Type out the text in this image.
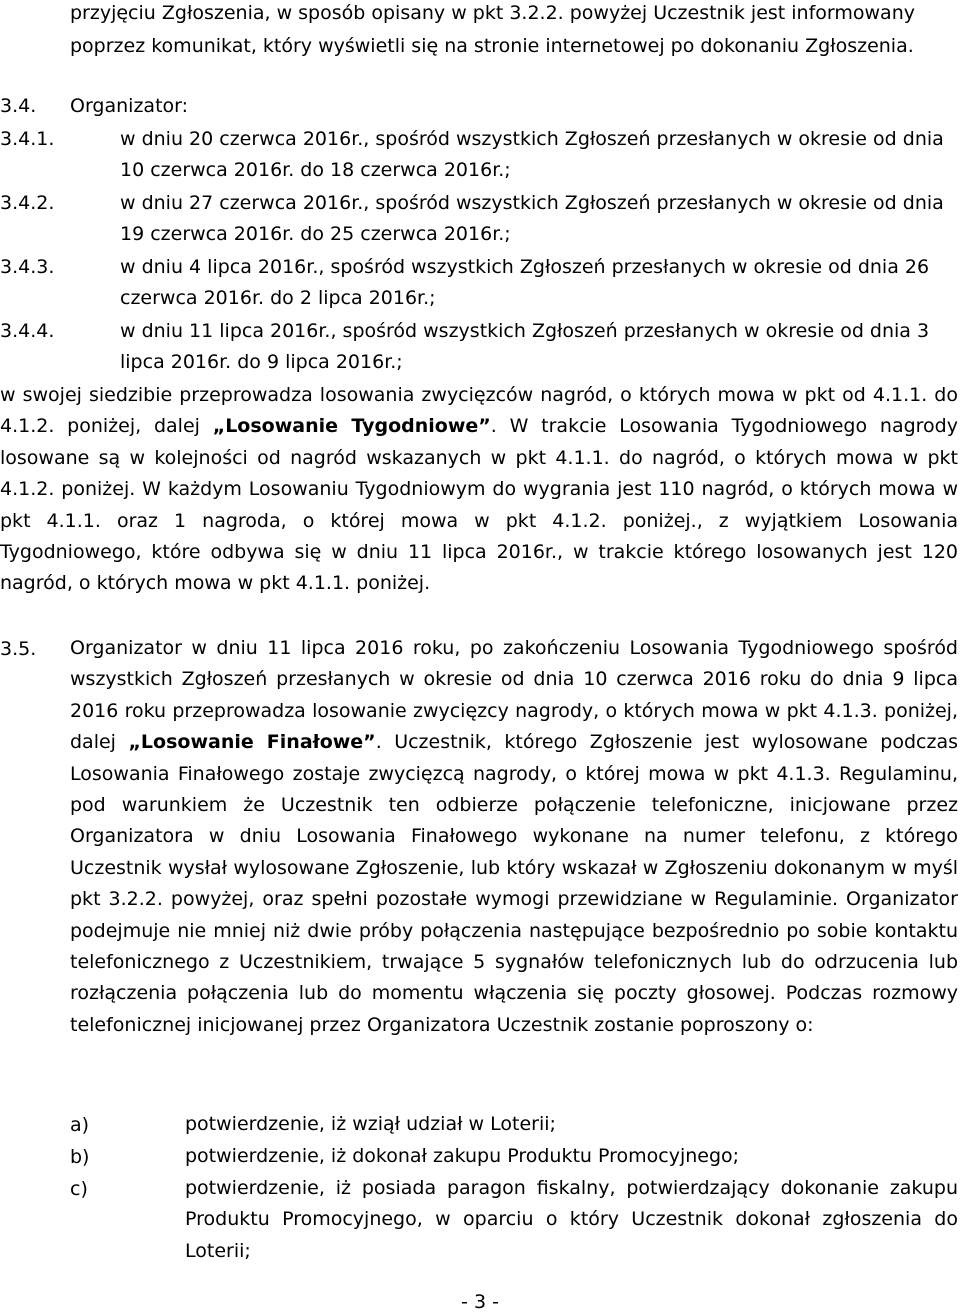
przyjęciu Zgłoszenia, w sposób opisany w pkt 3.2.2. powyżej Uczestnik jest informowany
poprzez komunikat, który wyświetli się na stronie internetowej po dokonaniu Zgłoszenia.
3.4. Organizator:
3.4.1.	w dniu 20 czerwca 2016r., spośród wszystkich Zgłoszeń przesłanych w okresie od dnia
10 czerwca 2016r. do 18 czerwca 2016r.;
3.4.2.	w dniu 27 czerwca 2016r., spośród wszystkich Zgłoszeń przesłanych w okresie od dnia
19 czerwca 2016r. do 25 czerwca 2016r.;
3.4.3.	w dniu 4 lipca 2016r., spośród wszystkich Zgłoszeń przesłanych w okresie od dnia 26
czerwca 2016r. do 2 lipca 2016r.;
3.4.4.	w dniu 11 lipca 2016r., spośród wszystkich Zgłoszeń przesłanych w okresie od dnia 3
lipca 2016r. do 9 lipca 2016r.;
w swojej siedzibie przeprowadza losowania zwycięzców nagród, o których mowa w pkt od 4.1.1. do 4.1.2. poniżej, dalej „Losowanie Tygodniowe”. W trakcie Losowania Tygodniowego nagrody losowane są w kolejności od nagród wskazanych w pkt 4.1.1. do nagród, o których mowa w pkt 4.1.2. poniżej. W każdym Losowaniu Tygodniowym do wygrania jest 110 nagród, o których mowa w pkt 4.1.1. oraz 1 nagroda, o której mowa w pkt 4.1.2. poniżej., z wyjątkiem Losowania Tygodniowego, które odbywa się w dniu 11 lipca 2016r., w trakcie którego losowanych jest 120 nagród, o których mowa w pkt 4.1.1. poniżej.
3.5. Organizator w dniu 11 lipca 2016 roku, po zakończeniu Losowania Tygodniowego spośród wszystkich Zgłoszeń przesłanych w okresie od dnia 10 czerwca 2016 roku do dnia 9 lipca 2016 roku przeprowadza losowanie zwycięzcy nagrody, o których mowa w pkt 4.1.3. poniżej, dalej „Losowanie Finałowe”. Uczestnik, którego Zgłoszenie jest wylosowane podczas Losowania Finałowego zostaje zwycięzcą nagrody, o której mowa w pkt 4.1.3. Regulaminu, pod warunkiem że Uczestnik ten odbierze połączenie telefoniczne, inicjowane przez Organizatora w dniu Losowania Finałowego wykonane na numer telefonu, z którego Uczestnik wysłał wylosowane Zgłoszenie, lub który wskazał w Zgłoszeniu dokonanym w myśl pkt 3.2.2. powyżej, oraz spełni pozostałe wymogi przewidziane w Regulaminie. Organizator podejmuje nie mniej niż dwie próby połączenia następujące bezpośrednio po sobie kontaktu telefonicznego z Uczestnikiem, trwające 5 sygnałów telefonicznych lub do odrzucenia lub rozłączenia połączenia lub do momentu włączenia się poczty głosowej. Podczas rozmowy telefonicznej inicjowanej przez Organizatora Uczestnik zostanie poproszony o:
a)	potwierdzenie, iż wziął udział w Loterii;
b)	potwierdzenie, iż dokonał zakupu Produktu Promocyjnego;
c)	potwierdzenie, iż posiada paragon fiskalny, potwierdzający dokonanie zakupu Produktu Promocyjnego, w oparciu o który Uczestnik dokonał zgłoszenia do Loterii;
- 3 -
